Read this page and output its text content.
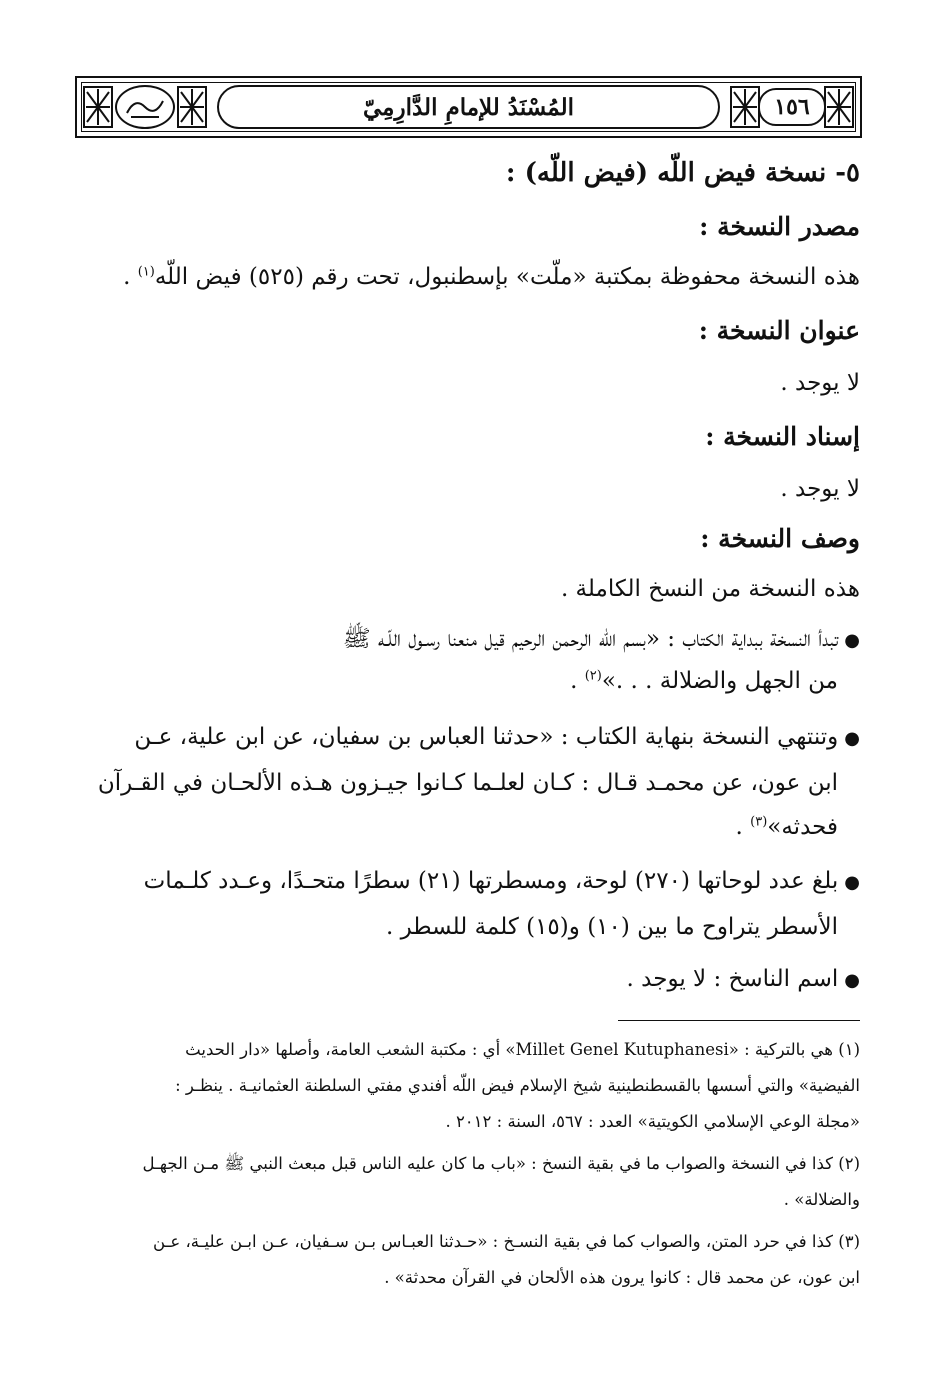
المُسْنَدُ للإمامِ الدَّارِمِيّ	١٥٦
٥- نسخة فيض اللّه (فيض اللّه) :
مصدر النسخة :
هذه النسخة محفوظة بمكتبة «ملّت» بإسطنبول، تحت رقم (٥٢٥) فيض اللّه$^{(١)}$ .
عنوان النسخة :
لا يوجد .
إسناد النسخة :
لا يوجد .
وصف النسخة :
هذه النسخة من النسخ الكاملة .
●تبدأ النسخة ببداية الكتاب : «بسم اللّه الرحمن الرحيم قيل منعنا رسـول اللّـه ﷺ
من الجهل والضلالة . . .»$^{(٢)}$ .
●وتنتهي النسخة بنهاية الكتاب : «حدثنا العباس بن سفيان، عن ابن علية، عـن
ابن عون، عن محمـد قـال : كـان لعلـما كـانوا جيـزون هـذه الألحـان في القـرآن
فحدثه»$^{(٣)}$ .
●بلغ عدد لوحاتها (٢٧٠) لوحة، ومسطرتها (٢١) سطرًا متحـدًا، وعـدد كلـمات
الأسطر يتراوح ما بين (١٠) و(١٥) كلمة للسطر .
●اسم الناسخ : لا يوجد .
(١) هي بالتركية : «Millet Genel Kutuphanesi» أي : مكتبة الشعب العامة، وأصلها «دار الحديث
الفيضية» والتي أسسها بالقسطنطينية شيخ الإسلام فيض اللّه أفندي مفتي السلطنة العثمانيـة . ينظـر :
«مجلة الوعي الإسلامي الكويتية» العدد : ٥٦٧، السنة : ٢٠١٢ .
(٢) كذا في النسخة والصواب ما في بقية النسخ : «باب ما كان عليه الناس قبل مبعث النبي ﷺ مـن الجهـل
والضلالة» .
(٣) كذا في حرد المتن، والصواب كما في بقية النسـخ : «حـدثنا العبـاس بـن سـفيان، عـن ابـن عليـة، عـن
ابن عون، عن محمد قال : كانوا يرون هذه الألحان في القرآن محدثة» .
